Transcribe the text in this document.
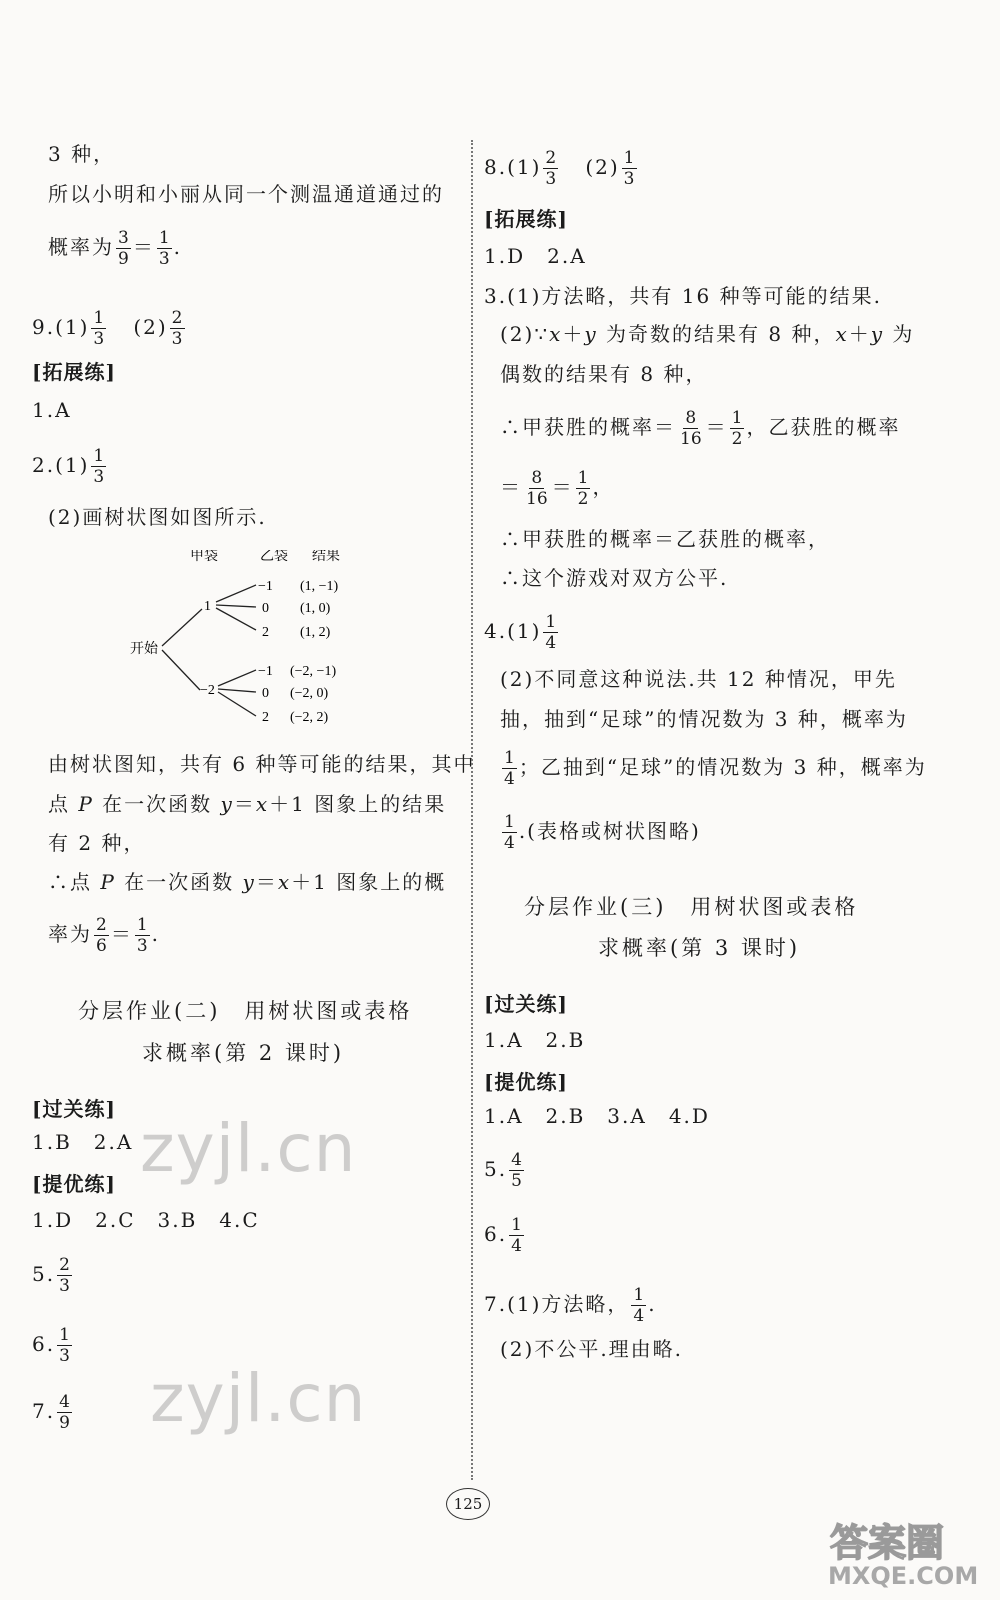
3 种，
所以小明和小丽从同一个测温通道通过的
概率为 $\frac{3}{9} = \frac{1}{3}$ .
$9.(1) \frac{1}{3} (2) \frac{2}{3}$
[拓展练]
1.A
$2.(1) \frac{1}{3}$
(2)画树状图如图所示.
甲袋	乙袋 结果
开始
1
−2
−1
0
2
−1
0
2
(1, −1)
(1, 0)
(1, 2)
(−2, −1)
(−2, 0)
(−2, 2)
由树状图知，共有 6 种等可能的结果，其中
点 P 在一次函数 y＝x＋1 图象上的结果
有 2 种，
∴点 P 在一次函数 y＝x＋1 图象上的概
率为 $\frac{2}{6} = \frac{1}{3}$ .
分层作业(二)　用树状图或表格
求概率(第 2 课时)
[过关练]
1.B　2.A
[提优练]
1.D　2.C　3.B　4.C
5. $\frac{2}{3}$
6. $\frac{1}{3}$
7. $\frac{4}{9}$
zyjl.cn
zyjl.cn
$8.(1) \frac{2}{3} (2) \frac{1}{3}$
[拓展练]
1.D　2.A
3.(1)方法略，共有 16 种等可能的结果.
(2)∵x＋y 为奇数的结果有 8 种，x＋y 为
偶数的结果有 8 种，
∴甲获胜的概率＝ $\frac{8}{16} = \frac{1}{2}$ ，乙获胜的概率
＝ $\frac{8}{16} = \frac{1}{2}$ ，
∴甲获胜的概率＝乙获胜的概率，
∴这个游戏对双方公平.
$4.(1) \frac{1}{4}$
(2)不同意这种说法.共 12 种情况，甲先
抽，抽到“足球”的情况数为 3 种，概率为
$\frac{1}{4}$ ；乙抽到“足球”的情况数为 3 种，概率为
$\frac{1}{4}$ .(表格或树状图略)
分层作业(三)　用树状图或表格
求概率(第 3 课时)
[过关练]
1.A　2.B
[提优练]
1.A　2.B　3.A　4.D
5. $\frac{4}{5}$
6. $\frac{1}{4}$
7.(1)方法略， $\frac{1}{4}$ .
(2)不公平.理由略.
125
答案圈
MXQE.COM
